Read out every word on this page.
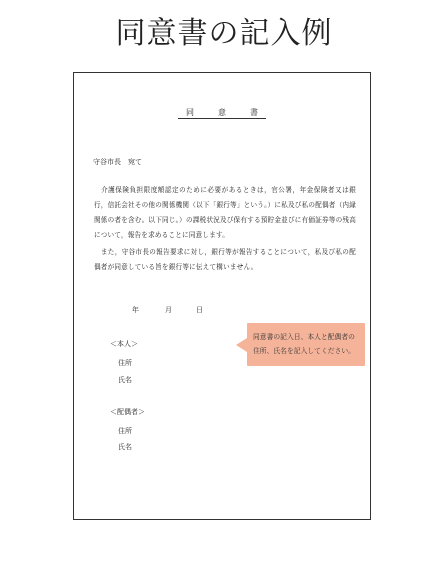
同意書の記入例
同　意　書
守谷市長　宛て
　介護保険負担限度額認定のために必要があるときは，官公署，年金保険者又は銀行，信託会社その他の関係機関（以下「銀行等」という。）に私及び私の配偶者（内縁関係の者を含む。以下同じ。）の課税状況及び保有する預貯金並びに有価証券等の残高について，報告を求めることに同意します。
　また，守谷市長の報告要求に対し，銀行等が報告することについて，私及び私の配偶者が同意している旨を銀行等に伝えて構いません。
年	月	日
＜本人＞
住所
氏名
＜配偶者＞
住所
氏名
同意書の記入日、本人と配偶者の住所、氏名を記入してください。
